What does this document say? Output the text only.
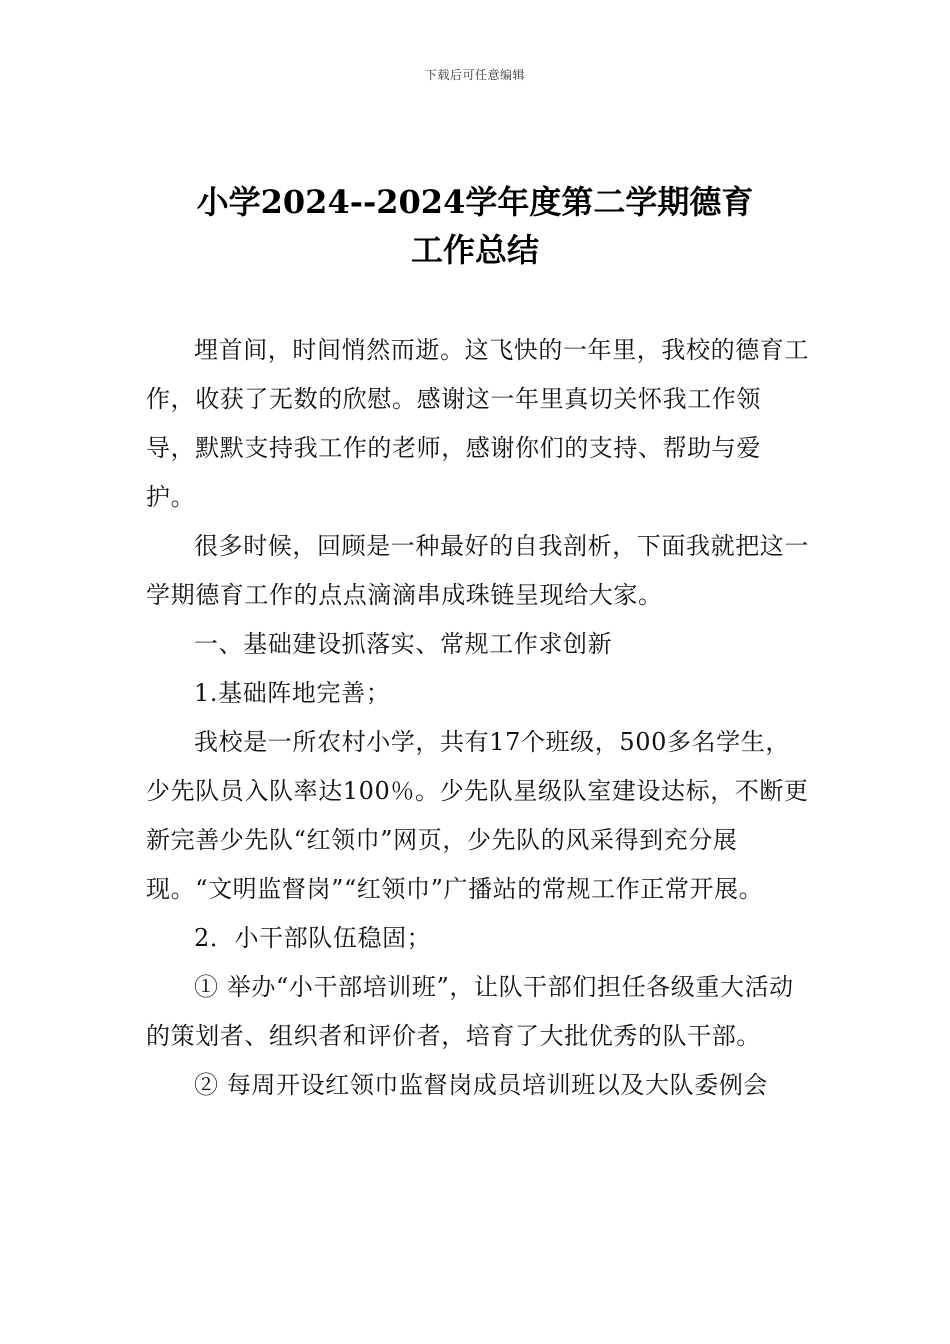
下载后可任意编辑
小学2024--2024学年度第二学期德育
工作总结

埋首间，时间悄然而逝。这飞快的一年里，我校的德育工作，收获了无数的欣慰。感谢这一年里真切关怀我工作领导，默默支持我工作的老师，感谢你们的支持、帮助与爱护。

很多时候，回顾是一种最好的自我剖析，下面我就把这一学期德育工作的点点滴滴串成珠链呈现给大家。

一、基础建设抓落实、常规工作求创新

1.基础阵地完善；

我校是一所农村小学，共有17个班级，500多名学生，少先队员入队率达100％。少先队星级队室建设达标，不断更新完善少先队“红领巾”网页，少先队的风采得到充分展现。“文明监督岗”“红领巾”广播站的常规工作正常开展。

2．小干部队伍稳固；

① 举办“小干部培训班”，让队干部们担任各级重大活动的策划者、组织者和评价者，培育了大批优秀的队干部。

② 每周开设红领巾监督岗成员培训班以及大队委例会
